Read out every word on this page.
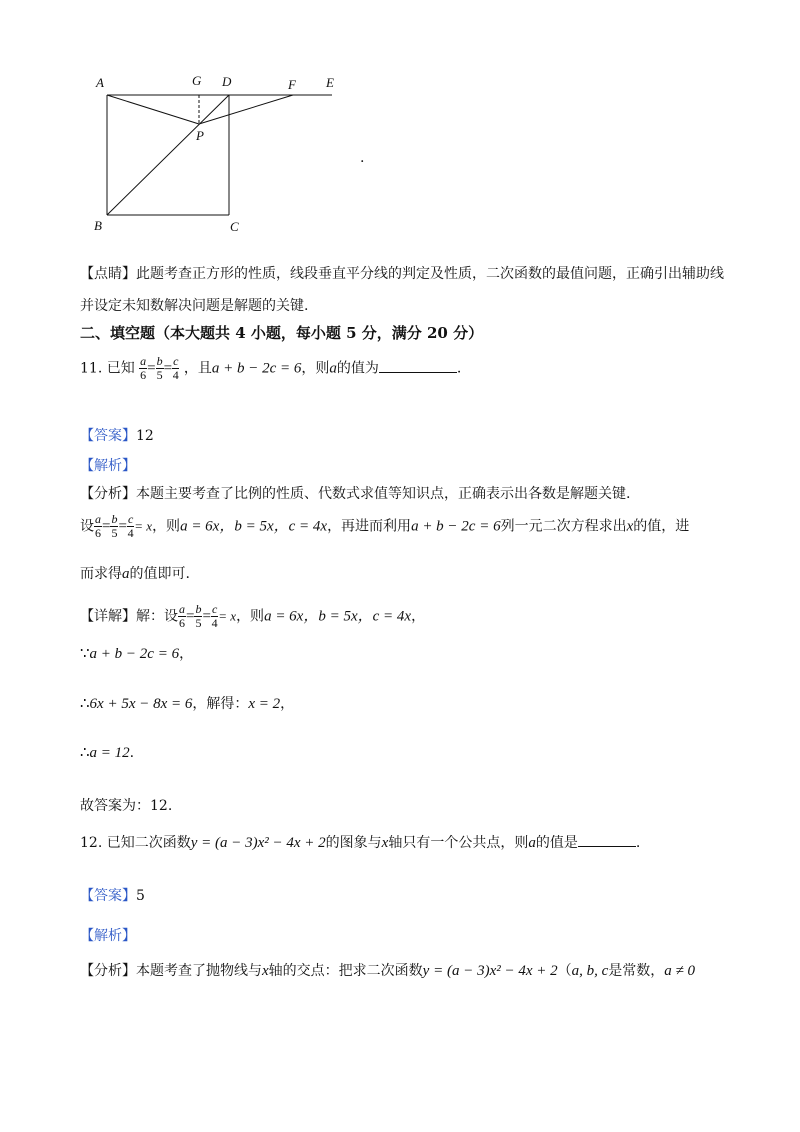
A	G D	F E
P
B	C
.
【点睛】此题考查正方形的性质，线段垂直平分线的判定及性质，二次函数的最值问题，正确引出辅助线
并设定未知数解决问题是解题的关键.
二、填空题（本大题共 4 小题，每小题 5 分，满分 20 分）
11. 已知 $\frac{a}{6} = \frac{b}{5} = \frac{c}{4}$ ，且a + b − 2c = 6，则a的值为	.
【答案】12
【解析】
【分析】本题主要考查了比例的性质、代数式求值等知识点，正确表示出各数是解题关键.
设 $\frac{a}{6} = \frac{b}{5} = \frac{c}{4} = x$，则a = 6x，b = 5x，c = 4x，再进而利用a + b − 2c = 6列一元二次方程求出x的值，进
而求得a的值即可.
【详解】解：设 $\frac{a}{6} = \frac{b}{5} = \frac{c}{4} = x$，则a = 6x，b = 5x，c = 4x，
∵a + b − 2c = 6，
∴6x + 5x − 8x = 6，解得：x = 2，
∴a = 12.
故答案为：12.
12. 已知二次函数y = (a − 3)x² − 4x + 2的图象与x轴只有一个公共点，则a的值是	.
【答案】5
【解析】
【分析】本题考查了抛物线与x轴的交点：把求二次函数y = (a − 3)x² − 4x + 2（a, b, c是常数，a ≠ 0
